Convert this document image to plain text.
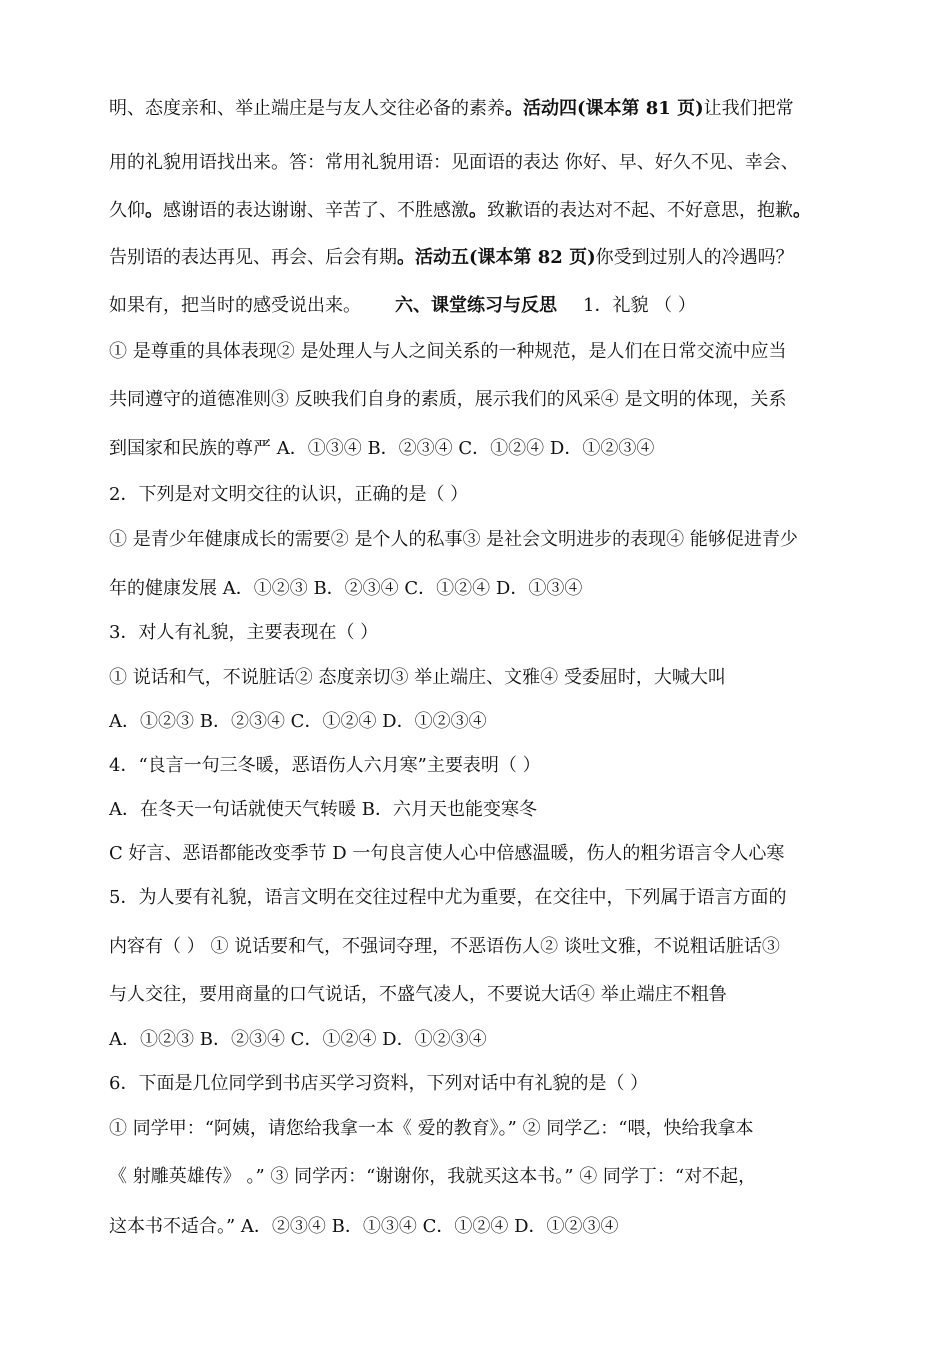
明、态度亲和、举止端庄是与友人交往必备的素养。活动四(课本第 81 页)让我们把常
用的礼貌用语找出来。答：常用礼貌用语：见面语的表达 你好、早、好久不见、幸会、
久仰。感谢语的表达谢谢、辛苦了、不胜感激。致歉语的表达对不起、不好意思，抱歉。
告别语的表达再见、再会、后会有期。活动五(课本第 82 页)你受到过别人的冷遇吗？
如果有，把当时的感受说出来。 六、课堂练习与反思 1．礼貌 （ ）
① 是尊重的具体表现② 是处理人与人之间关系的一种规范，是人们在日常交流中应当
共同遵守的道德准则③ 反映我们自身的素质，展示我们的风采④ 是文明的体现，关系
到国家和民族的尊严 A．①③④ B．②③④ C．①②④ D．①②③④
2．下列是对文明交往的认识，正确的是（ ）
① 是青少年健康成长的需要② 是个人的私事③ 是社会文明进步的表现④ 能够促进青少
年的健康发展 A．①②③ B．②③④ C．①②④ D．①③④
3．对人有礼貌，主要表现在（ ）
① 说话和气，不说脏话② 态度亲切③ 举止端庄、文雅④ 受委屈时，大喊大叫
A．①②③ B．②③④ C．①②④ D．①②③④
4．“良言一句三冬暖，恶语伤人六月寒”主要表明（ ）
A．在冬天一句话就使天气转暖 B．六月天也能变寒冬
C 好言、恶语都能改变季节 D 一句良言使人心中倍感温暖，伤人的粗劣语言令人心寒
5．为人要有礼貌，语言文明在交往过程中尤为重要，在交往中，下列属于语言方面的
内容有（ ） ① 说话要和气，不强词夺理，不恶语伤人② 谈吐文雅，不说粗话脏话③
与人交往，要用商量的口气说话，不盛气凌人，不要说大话④ 举止端庄不粗鲁
A．①②③ B．②③④ C．①②④ D．①②③④
6．下面是几位同学到书店买学习资料，下列对话中有礼貌的是（ ）
① 同学甲：“阿姨，请您给我拿一本《 爱的教育》。” ② 同学乙：“喂，快给我拿本
《 射雕英雄传》 。” ③ 同学丙：“谢谢你，我就买这本书。” ④ 同学丁：“对不起，
这本书不适合。” A．②③④ B．①③④ C．①②④ D．①②③④
